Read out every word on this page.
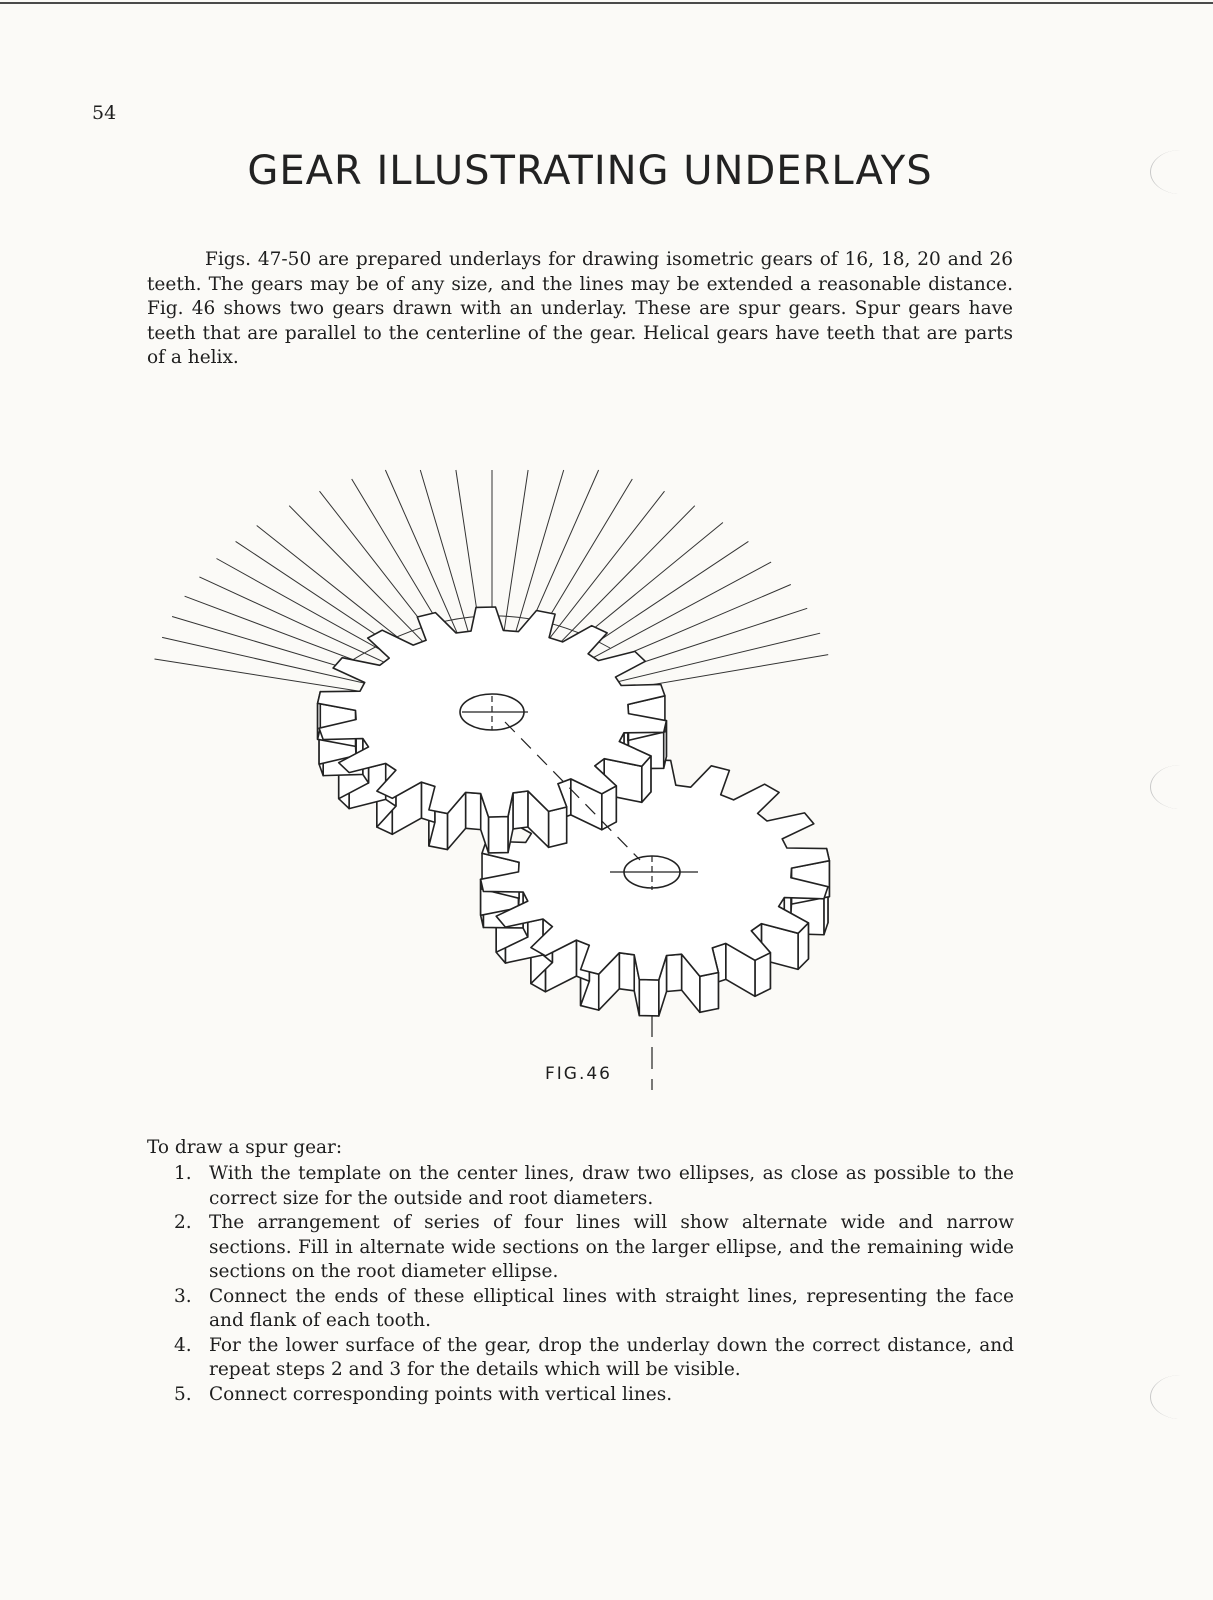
54
GEAR ILLUSTRATING UNDERLAYS

Figs. 47-50 are prepared underlays for drawing isometric gears of 16, 18, 20 and 26 teeth. The gears may be of any size, and the lines may be extended a reasonable distance. Fig. 46 shows two gears drawn with an underlay. These are spur gears. Spur gears have teeth that are parallel to the centerline of the gear. Helical gears have teeth that are parts of a helix.

FIG.46
To draw a spur gear:
1. With the template on the center lines, draw two ellipses, as close as possible to the correct size for the outside and root diameters.
2. The arrangement of series of four lines will show alternate wide and narrow sections. Fill in alternate wide sections on the larger ellipse, and the remaining wide sections on the root diameter ellipse.
3. Connect the ends of these elliptical lines with straight lines, representing the face and flank of each tooth.
4. For the lower surface of the gear, drop the underlay down the correct distance, and repeat steps 2 and 3 for the details which will be visible.
5. Connect corresponding points with vertical lines.
